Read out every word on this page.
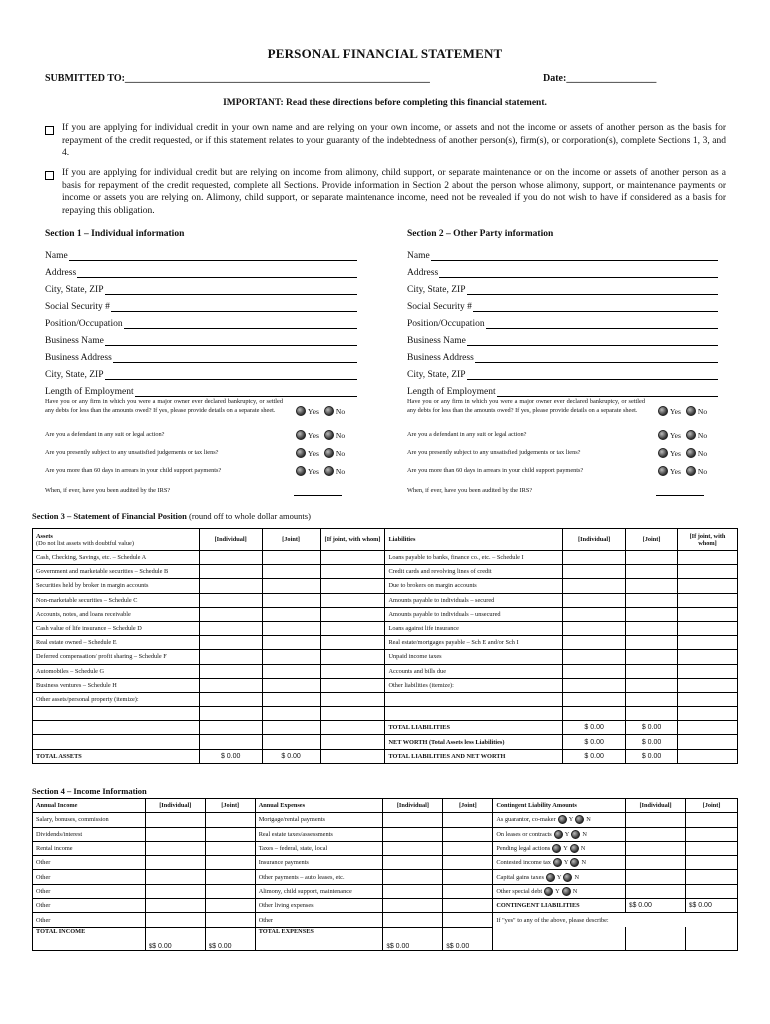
PERSONAL FINANCIAL STATEMENT
SUBMITTED TO:_____________________________________________________________	Date:__________________
IMPORTANT: Read these directions before completing this financial statement.
If you are applying for individual credit in your own name and are relying on your own income, or assets and not the income or assets of another person as the basis for repayment of the credit requested, or if this statement relates to your guaranty of the indebtedness of another person(s), firm(s), or corporation(s), complete Sections 1, 3, and 4.
If you are applying for individual credit but are relying on income from alimony, child support, or separate maintenance or on the income or assets of another person as a basis for repayment of the credit requested, complete all Sections. Provide information in Section 2 about the person whose alimony, support, or maintenance payments or income or assets you are relying on. Alimony, child support, or separate maintenance income, need not be revealed if you do not wish to have if considered as a basis for repaying this obligation.
Section 1 – Individual information	Section 2 – Other Party information
Name
Address
City, State, ZIP
Social Security #
Position/Occupation
Business Name
Business Address
City, State, ZIP
Length of Employment
Name
Address
City, State, ZIP
Social Security #
Position/Occupation
Business Name
Business Address
City, State, ZIP
Length of Employment
Have you or any firm in which you were a major owner ever declared bankruptcy, or settled any debts for less than the amounts owed? If yes, please provide details on a separate sheet.	Yes No
Are you a defendant in any suit or legal action?	Yes No
Are you presently subject to any unsatisfied judgements or tax liens?	Yes No
Are you more than 60 days in arrears in your child support payments?	Yes No
When, if ever, have you been audited by the IRS?
Have you or any firm in which you were a major owner ever declared bankruptcy, or settled any debts for less than the amounts owed? If yes, please provide details on a separate sheet.	Yes No
Are you a defendant in any suit or legal action?	Yes No
Are you presently subject to any unsatisfied judgements or tax liens?	Yes No
Are you more than 60 days in arrears in your child support payments?	Yes No
When, if ever, have you been audited by the IRS?
Section 3 – Statement of Financial Position (round off to whole dollar amounts)
Assets
(Do not list assets with doubtful value)	[Individual]	[Joint]	[If joint, with whom]	Liabilities	[Individual]	[Joint]	[If joint, with whom]
Cash, Checking, Savings, etc. – Schedule A				Loans payable to banks, finance co., etc. – Schedule I			
Government and marketable securities – Schedule B				Credit cards and revolving lines of credit			
Securities held by broker in margin accounts				Due to brokers on margin accounts			
Non-marketable securities – Schedule C				Amounts payable to individuals – secured			
Accounts, notes, and loans receivable				Amounts payable to individuals – unsecured			
Cash value of life insurance – Schedule D				Loans against life insurance			
Real estate owned – Schedule E				Real estate/mortgages payable – Sch E and/or Sch I			
Deferred compensation/ profit sharing – Schedule F				Unpaid income taxes			
Automobiles – Schedule G				Accounts and bills due			
Business ventures – Schedule H				Other liabilities (itemize):			
Other assets/personal property (itemize):							

				TOTAL LIABILITIES	$ 0.00	$ 0.00	
				NET WORTH (Total Assets less Liabilities)	$ 0.00	$ 0.00	
TOTAL ASSETS	$ 0.00	$ 0.00		TOTAL LIABILITIES AND NET WORTH	$ 0.00	$ 0.00	
Section 4 – Income Information
Annual Income	[Individual]	[Joint]	Annual Expenses	[Individual]	[Joint]	Contingent Liability Amounts	[Individual]	[Joint]
Salary, bonuses, commission			Mortgage/rental payments			As guarantor, co-maker Y N		

Dividends/interest			Real estate taxes/assessments			On leases or contracts Y N		

Rental income			Taxes – federal, state, local			Pending legal actions Y N		

Other			Insurance payments			Contested income tax Y N		

Other			Other payments – auto leases, etc.			Capital gains taxes Y N		

Other			Alimony, child support, maintenance			Other special debt Y N		

Other			Other living expenses			CONTINGENT LIABILITIES	$$ 0.00	$$ 0.00
Other			Other			If "yes" to any of the above, please describe:		
TOTAL INCOME	$$ 0.00	$$ 0.00	TOTAL EXPENSES	$$ 0.00	$$ 0.00			
